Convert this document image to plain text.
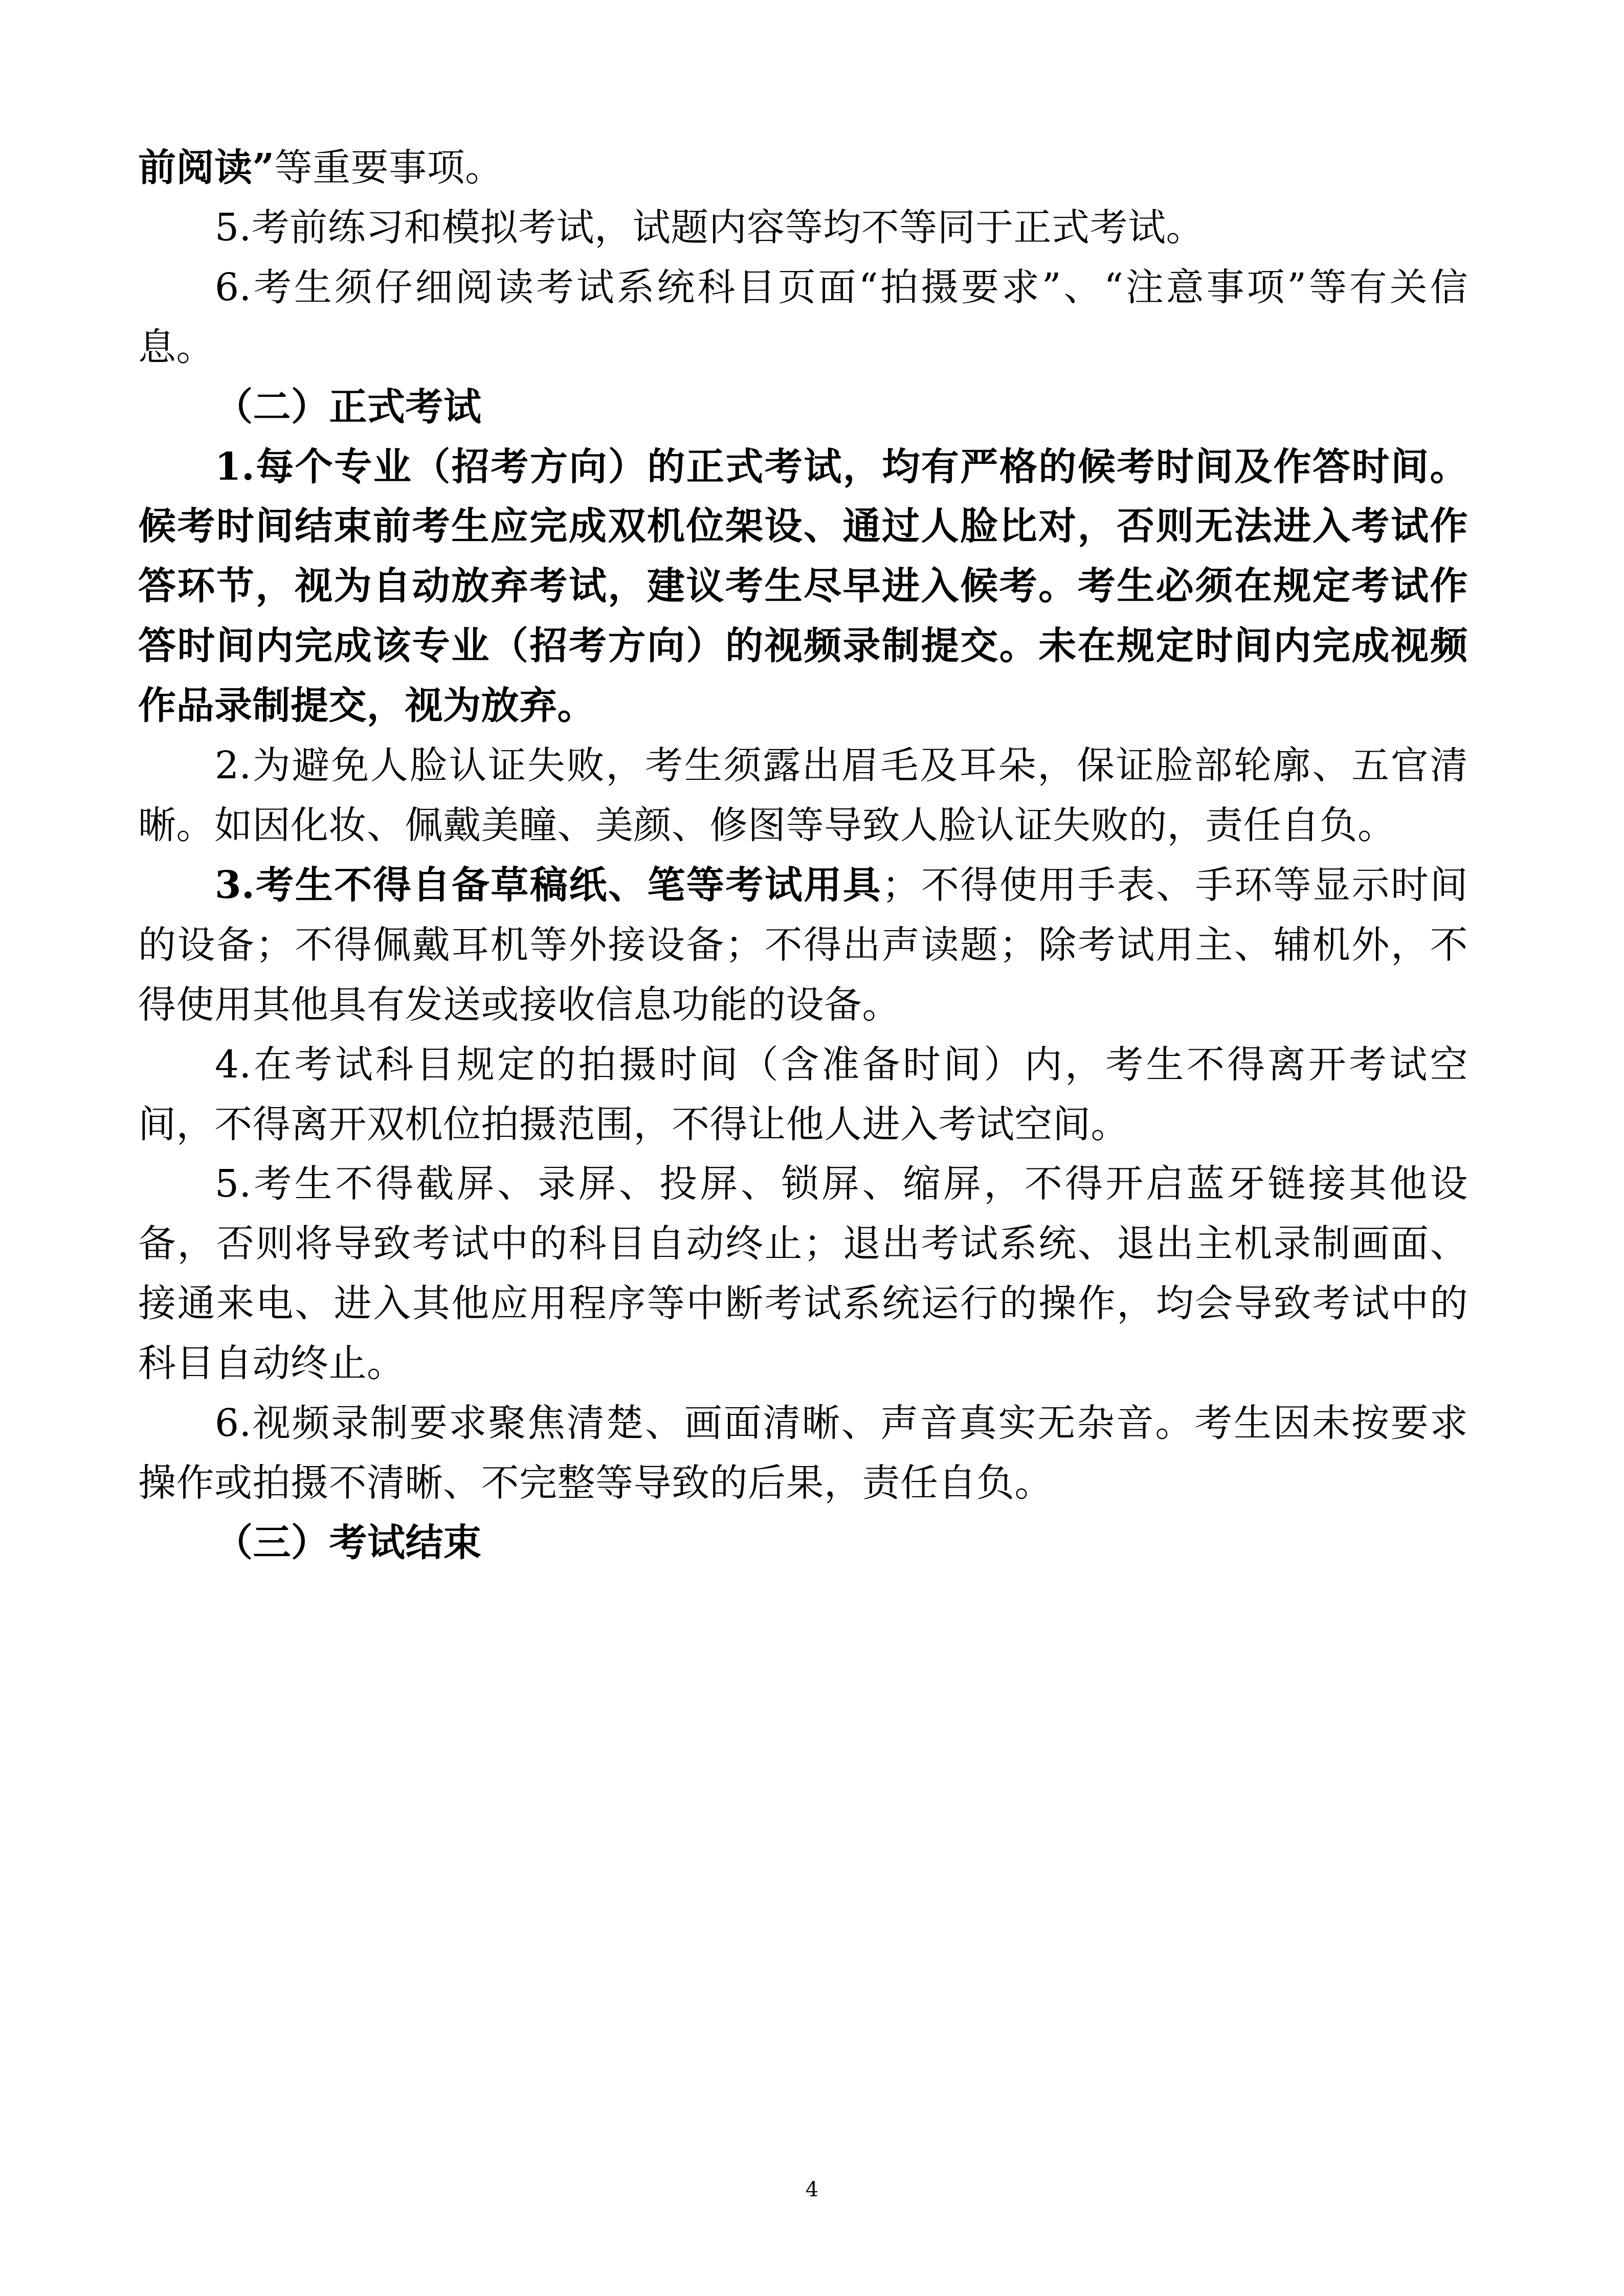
前阅读”等重要事项。

5.考前练习和模拟考试，试题内容等均不等同于正式考试。

6.考生须仔细阅读考试系统科目页面“拍摄要求”、“注意事项”等有关信息。

（二）正式考试

1.每个专业（招考方向）的正式考试，均有严格的候考时间及作答时间。候考时间结束前考生应完成双机位架设、通过人脸比对，否则无法进入考试作答环节，视为自动放弃考试，建议考生尽早进入候考。考生必须在规定考试作答时间内完成该专业（招考方向）的视频录制提交。未在规定时间内完成视频作品录制提交，视为放弃。

2.为避免人脸认证失败，考生须露出眉毛及耳朵，保证脸部轮廓、五官清晰。如因化妆、佩戴美瞳、美颜、修图等导致人脸认证失败的，责任自负。

3.考生不得自备草稿纸、笔等考试用具；不得使用手表、手环等显示时间的设备；不得佩戴耳机等外接设备；不得出声读题；除考试用主、辅机外，不得使用其他具有发送或接收信息功能的设备。

4.在考试科目规定的拍摄时间（含准备时间）内，考生不得离开考试空间，不得离开双机位拍摄范围，不得让他人进入考试空间。

5.考生不得截屏、录屏、投屏、锁屏、缩屏，不得开启蓝牙链接其他设备，否则将导致考试中的科目自动终止；退出考试系统、退出主机录制画面、接通来电、进入其他应用程序等中断考试系统运行的操作，均会导致考试中的科目自动终止。

6.视频录制要求聚焦清楚、画面清晰、声音真实无杂音。考生因未按要求操作或拍摄不清晰、不完整等导致的后果，责任自负。

（三）考试结束

4
